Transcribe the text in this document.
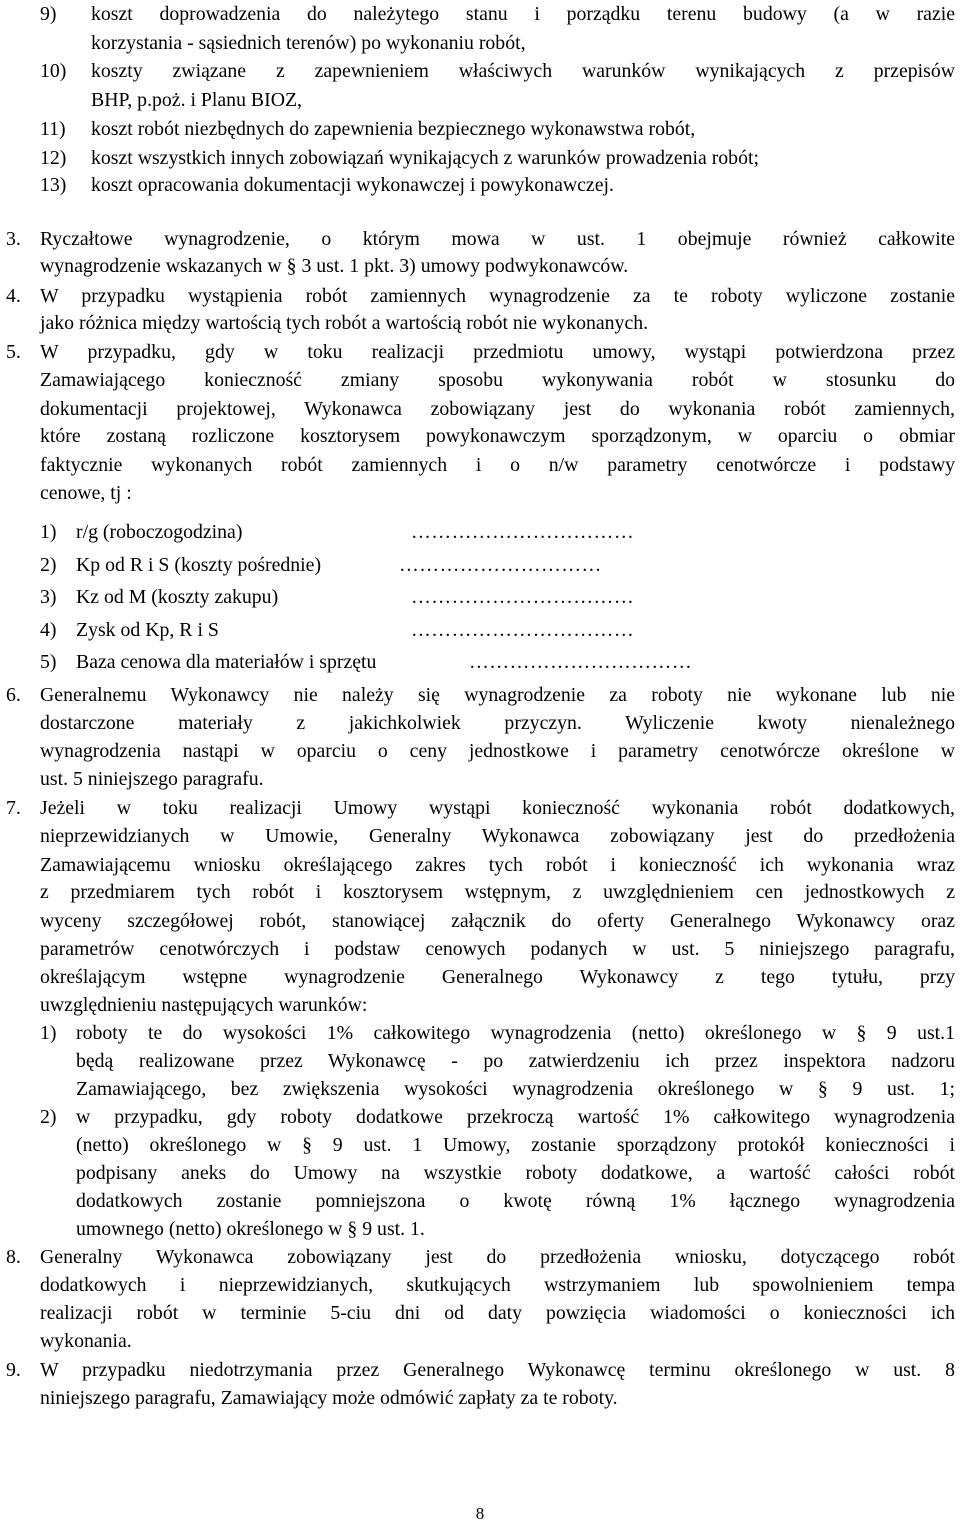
9) koszt doprowadzenia do należytego stanu i porządku terenu budowy (a w razie
korzystania - sąsiednich terenów) po wykonaniu robót,
10) koszty związane z zapewnieniem właściwych warunków wynikających z przepisów
BHP, p.poż. i Planu BIOZ,
11) koszt robót niezbędnych do zapewnienia bezpiecznego wykonawstwa robót,
12) koszt wszystkich innych zobowiązań wynikających z warunków prowadzenia robót;
13) koszt opracowania dokumentacji wykonawczej i powykonawczej.
3. Ryczałtowe wynagrodzenie, o którym mowa w ust. 1 obejmuje również całkowite
wynagrodzenie wskazanych w § 3 ust. 1 pkt. 3) umowy podwykonawców.
4. W przypadku wystąpienia robót zamiennych wynagrodzenie za te roboty wyliczone zostanie
jako różnica między wartością tych robót a wartością robót nie wykonanych.
5. W przypadku, gdy w toku realizacji przedmiotu umowy, wystąpi potwierdzona przez
Zamawiającego konieczność zmiany sposobu wykonywania robót w stosunku do
dokumentacji projektowej, Wykonawca zobowiązany jest do wykonania robót zamiennych,
które zostaną rozliczone kosztorysem powykonawczym sporządzonym, w oparciu o obmiar
faktycznie wykonanych robót zamiennych i o n/w parametry cenotwórcze i podstawy
cenowe, tj :
1) r/g (roboczogodzina)	……………………………
2) Kp od R i S (koszty pośrednie)	…………………………
3) Kz od M (koszty zakupu)	……………………………
4) Zysk od Kp, R i S	……………………………
5) Baza cenowa dla materiałów i sprzętu	……………………………
6. Generalnemu Wykonawcy nie należy się wynagrodzenie za roboty nie wykonane lub nie
dostarczone materiały z jakichkolwiek przyczyn. Wyliczenie kwoty nienależnego
wynagrodzenia nastąpi w oparciu o ceny jednostkowe i parametry cenotwórcze określone w
ust. 5 niniejszego paragrafu.
7. Jeżeli w toku realizacji Umowy wystąpi konieczność wykonania robót dodatkowych,
nieprzewidzianych w Umowie, Generalny Wykonawca zobowiązany jest do przedłożenia
Zamawiającemu wniosku określającego zakres tych robót i konieczność ich wykonania wraz
z przedmiarem tych robót i kosztorysem wstępnym, z uwzględnieniem cen jednostkowych z
wyceny szczegółowej robót, stanowiącej załącznik do oferty Generalnego Wykonawcy oraz
parametrów cenotwórczych i podstaw cenowych podanych w ust. 5 niniejszego paragrafu,
określającym wstępne wynagrodzenie Generalnego Wykonawcy z tego tytułu, przy
uwzględnieniu następujących warunków:
1) roboty te do wysokości 1% całkowitego wynagrodzenia (netto) określonego w § 9 ust.1
będą realizowane przez Wykonawcę - po zatwierdzeniu ich przez inspektora nadzoru
Zamawiającego, bez zwiększenia wysokości wynagrodzenia określonego w § 9 ust. 1;
2) w przypadku, gdy roboty dodatkowe przekroczą wartość 1% całkowitego wynagrodzenia
(netto) określonego w § 9 ust. 1 Umowy, zostanie sporządzony protokół konieczności i
podpisany aneks do Umowy na wszystkie roboty dodatkowe, a wartość całości robót
dodatkowych zostanie pomniejszona o kwotę równą 1% łącznego wynagrodzenia
umownego (netto) określonego w § 9 ust. 1.
8. Generalny Wykonawca zobowiązany jest do przedłożenia wniosku, dotyczącego robót
dodatkowych i nieprzewidzianych, skutkujących wstrzymaniem lub spowolnieniem tempa
realizacji robót w terminie 5-ciu dni od daty powzięcia wiadomości o konieczności ich
wykonania.
9. W przypadku niedotrzymania przez Generalnego Wykonawcę terminu określonego w ust. 8
niniejszego paragrafu, Zamawiający może odmówić zapłaty za te roboty.
8
